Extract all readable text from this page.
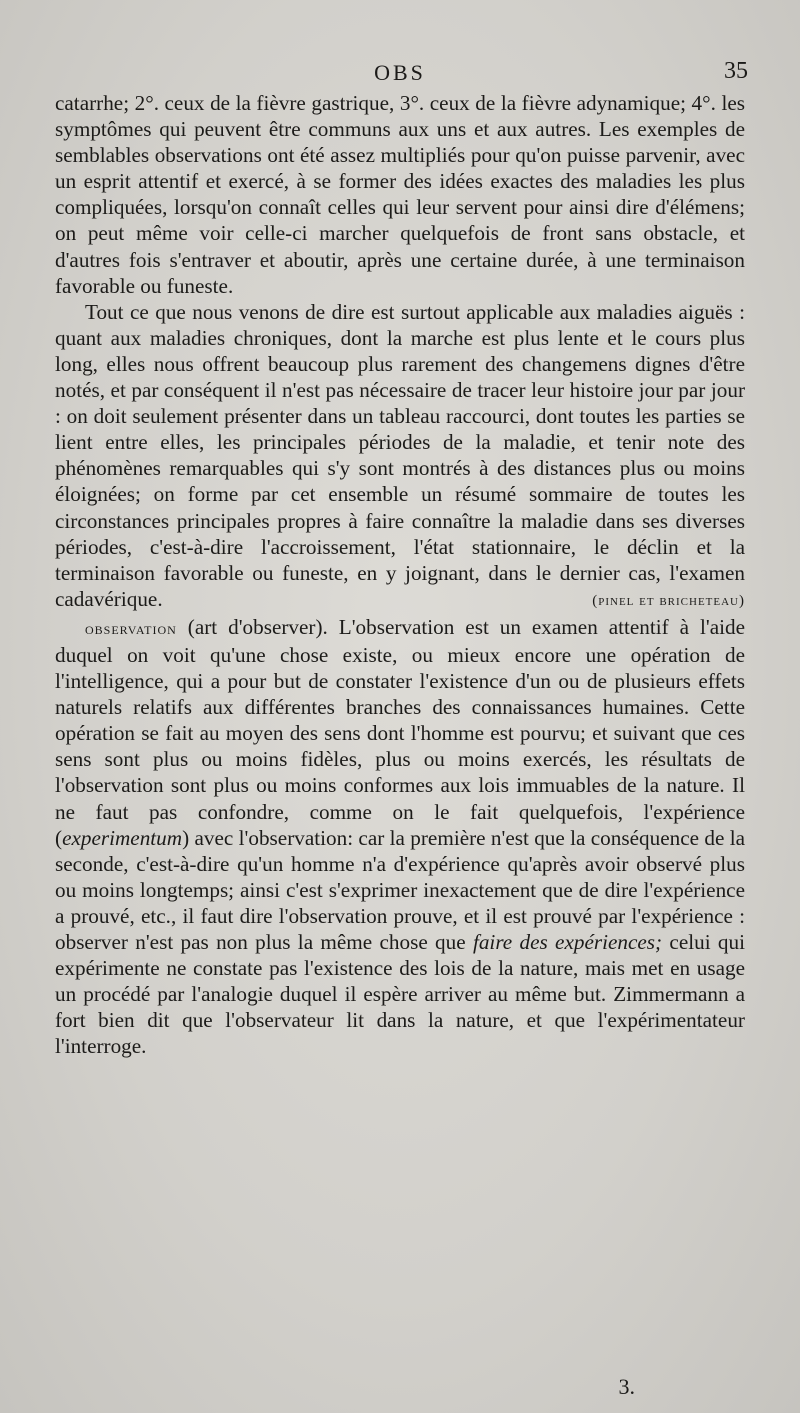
OBS	35

catarrhe; 2°. ceux de la fièvre gastrique, 3°. ceux de la fièvre adynamique; 4°. les symptômes qui peuvent être communs aux uns et aux autres. Les exemples de semblables observations ont été assez multipliés pour qu'on puisse parvenir, avec un esprit attentif et exercé, à se former des idées exactes des maladies les plus compliquées, lorsqu'on connaît celles qui leur servent pour ainsi dire d'élémens; on peut même voir celle-ci marcher quelquefois de front sans obstacle, et d'autres fois s'entraver et aboutir, après une certaine durée, à une terminaison favorable ou funeste.

Tout ce que nous venons de dire est surtout applicable aux maladies aiguës : quant aux maladies chroniques, dont la marche est plus lente et le cours plus long, elles nous offrent beaucoup plus rarement des changemens dignes d'être notés, et par conséquent il n'est pas nécessaire de tracer leur histoire jour par jour : on doit seulement présenter dans un tableau raccourci, dont toutes les parties se lient entre elles, les principales périodes de la maladie, et tenir note des phénomènes remarquables qui s'y sont montrés à des distances plus ou moins éloignées; on forme par cet ensemble un résumé sommaire de toutes les circonstances principales propres à faire connaître la maladie dans ses diverses périodes, c'est-à-dire l'accroissement, l'état stationnaire, le déclin et la terminaison favorable ou funeste, en y joignant, dans le dernier cas, l'examen cadavérique.	(pinel et bricheteau)

observation (art d'observer). L'observation est un examen attentif à l'aide duquel on voit qu'une chose existe, ou mieux encore une opération de l'intelligence, qui a pour but de constater l'existence d'un ou de plusieurs effets naturels relatifs aux différentes branches des connaissances humaines. Cette opération se fait au moyen des sens dont l'homme est pourvu; et suivant que ces sens sont plus ou moins fidèles, plus ou moins exercés, les résultats de l'observation sont plus ou moins conformes aux lois immuables de la nature. Il ne faut pas confondre, comme on le fait quelquefois, l'expérience (experimentum) avec l'observation: car la première n'est que la conséquence de la seconde, c'est-à-dire qu'un homme n'a d'expérience qu'après avoir observé plus ou moins longtemps; ainsi c'est s'exprimer inexactement que de dire l'expérience a prouvé, etc., il faut dire l'observation prouve, et il est prouvé par l'expérience : observer n'est pas non plus la même chose que faire des expériences; celui qui expérimente ne constate pas l'existence des lois de la nature, mais met en usage un procédé par l'analogie duquel il espère arriver au même but. Zimmermann a fort bien dit que l'observateur lit dans la nature, et que l'expérimentateur l'interroge.

3.
